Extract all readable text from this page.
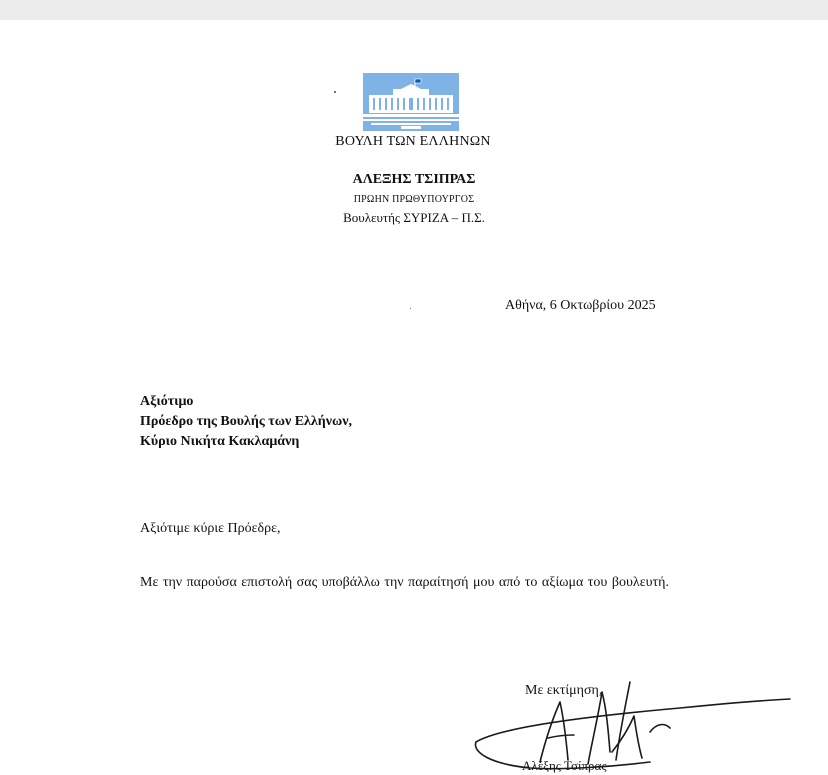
ΒΟΥΛΗ ΤΩΝ ΕΛΛΗΝΩΝ
ΑΛΕΞΗΣ ΤΣΙΠΡΑΣ
ΠΡΩΗΝ ΠΡΩΘΥΠΟΥΡΓΟΣ
Βουλευτής ΣΥΡΙΖΑ – Π.Σ.
Αθήνα, 6 Οκτωβρίου 2025
Αξιότιμο
Πρόεδρο της Βουλής των Ελλήνων,
Κύριο Νικήτα Κακλαμάνη
Αξιότιμε κύριε Πρόεδρε,
Με την παρούσα επιστολή σας υποβάλλω την παραίτησή μου από το αξίωμα του βουλευτή.
Με εκτίμηση,
Αλέξης Τσίπρας
